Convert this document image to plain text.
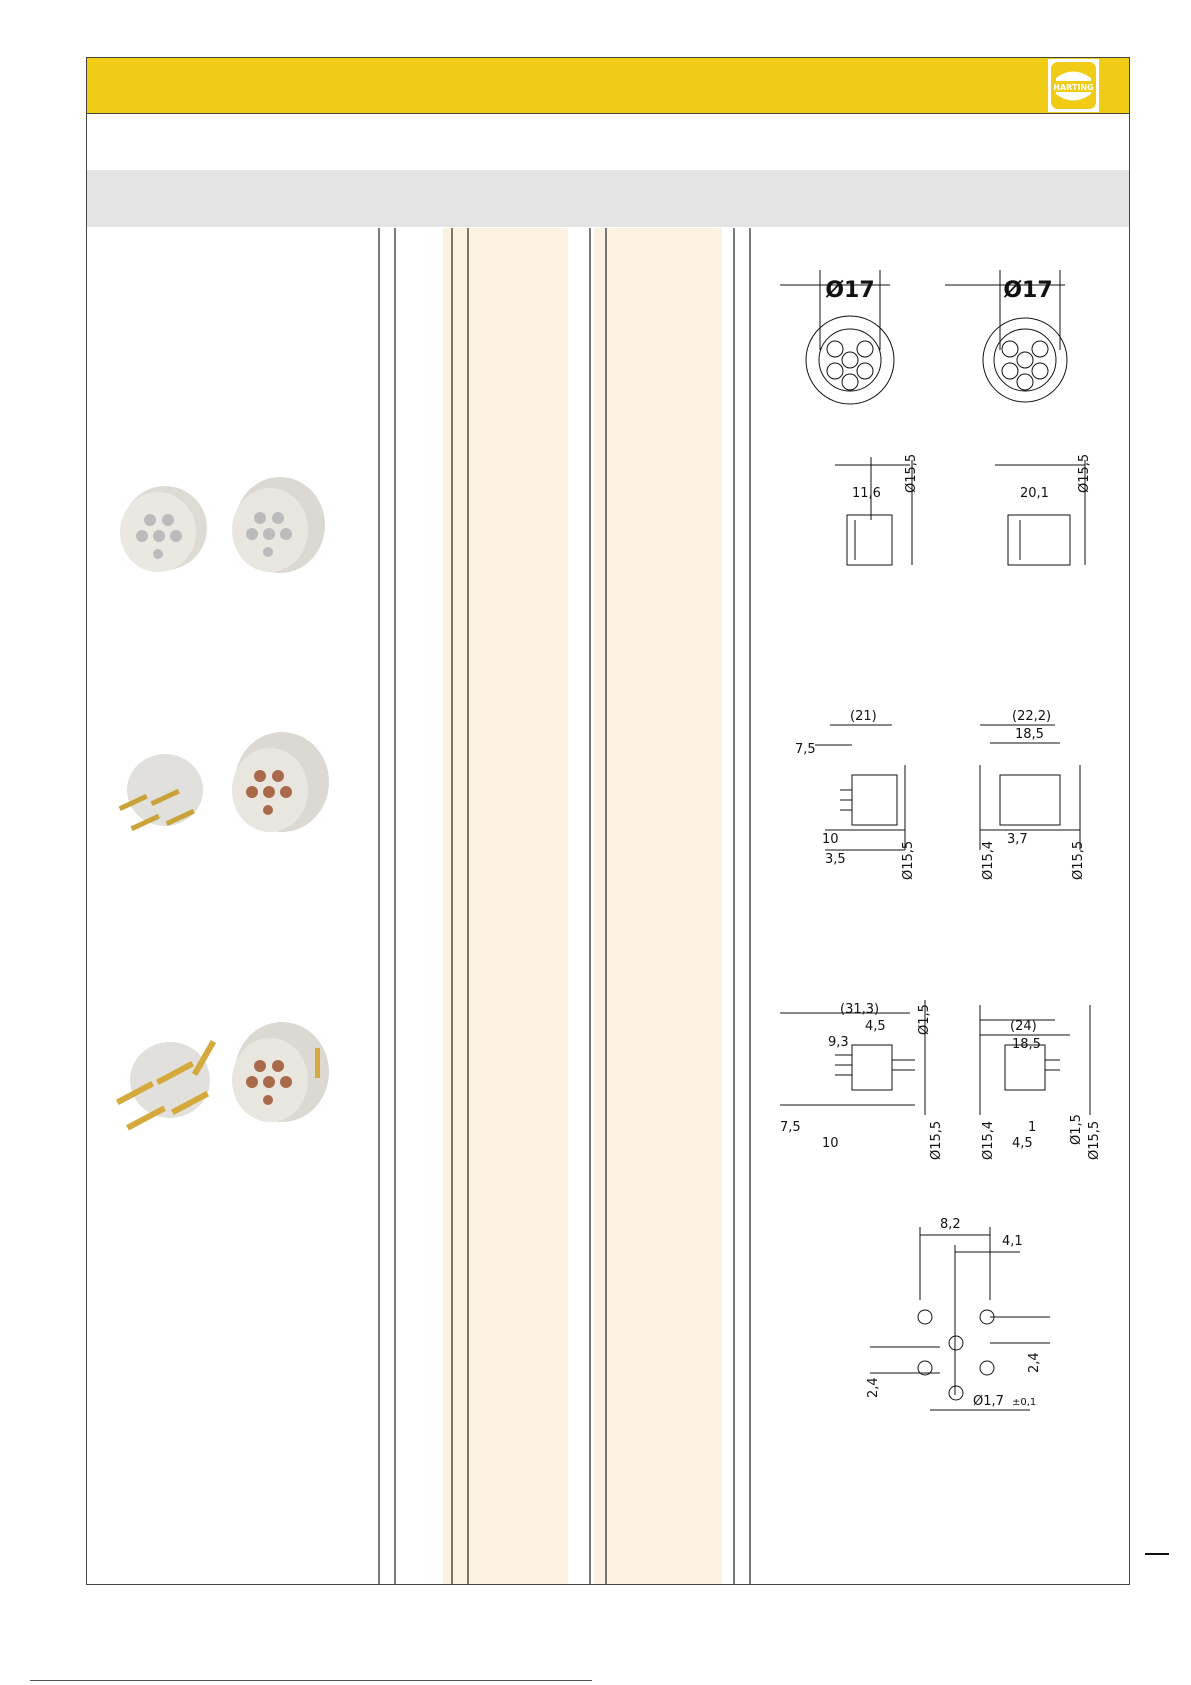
HARTING
Ø17	Ø17
11,6
Ø15,5
20,1
Ø15,5
(21)
7,5
10
3,5	Ø15,5
(22,2)
18,5
3,7
Ø15,4	Ø15,5
(31,3)
4,5
9,3
Ø1,5
7,5
10	Ø15,5
(24)
18,5
1
4,5
Ø15,4	Ø1,5 Ø15,5
8,2
4,1
2,4
2,4
Ø1,7 ±0,1
